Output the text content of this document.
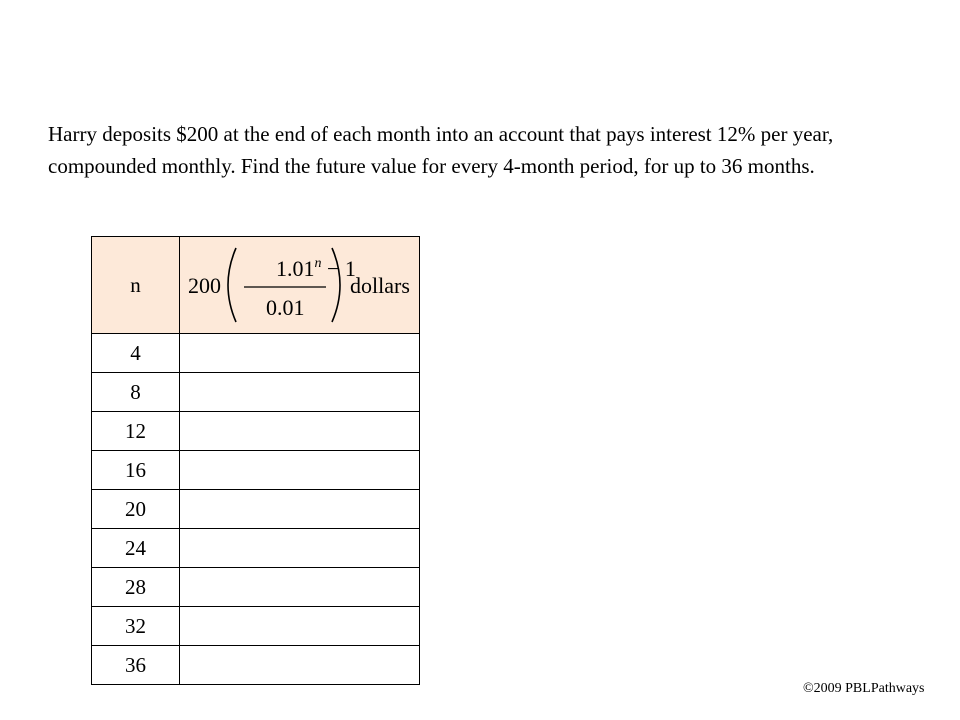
Harry deposits $200 at the end of each month into an account that pays interest 12% per year, compounded monthly. Find the future value for every 4-month period, for up to 36 months.

n	200
$1.01^n - 1$
0.01
dollars

4	
8	
12	
16	
20	
24	
28	
32	
36	
©2009 PBLPathways
